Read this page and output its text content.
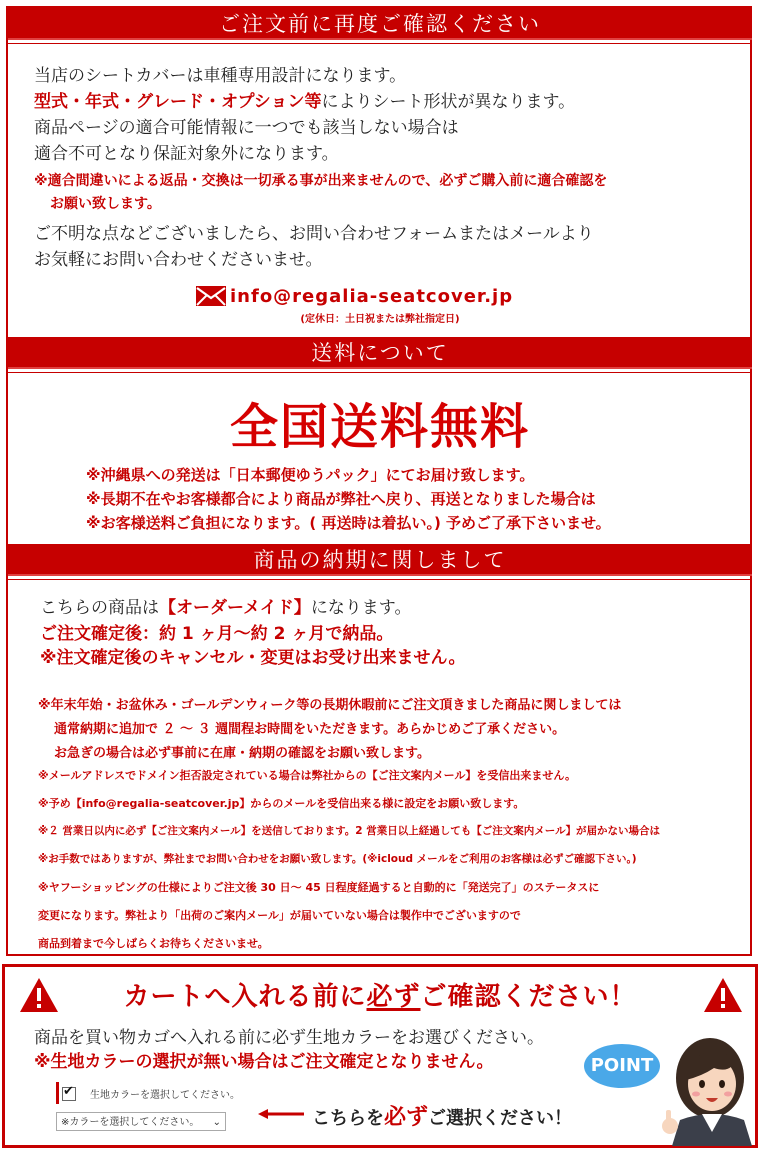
ご注文前に再度ご確認ください
当店のシートカバーは車種専用設計になります。
型式・年式・グレード・オプション等によりシート形状が異なります。
商品ページの適合可能情報に一つでも該当しない場合は
適合不可となり保証対象外になります。
※適合間違いによる返品・交換は一切承る事が出来ませんので、必ずご購入前に適合確認を
お願い致します。
ご不明な点などございましたら、お問い合わせフォームまたはメールより
お気軽にお問い合わせくださいませ。
info@regalia-seatcover.jp
(定休日：土日祝または弊社指定日)
送料について
全国送料無料
※沖縄県への発送は「日本郵便ゆうパック」にてお届け致します。
※長期不在やお客様都合により商品が弊社へ戻り、再送となりました場合は
※お客様送料ご負担になります。( 再送時は着払い。) 予めご了承下さいませ。
商品の納期に関しまして
こちらの商品は【オーダーメイド】になります。
ご注文確定後：約 1 ヶ月〜約 2 ヶ月で納品。
※注文確定後のキャンセル・変更はお受け出来ません。
※年末年始・お盆休み・ゴールデンウィーク等の長期休暇前にご注文頂きました商品に関しましては
通常納期に追加で ２ 〜 ３ 週間程お時間をいただきます。あらかじめご了承ください。
お急ぎの場合は必ず事前に在庫・納期の確認をお願い致します。
※メールアドレスでドメイン拒否設定されている場合は弊社からの【ご注文案内メール】を受信出来ません。
※予め【info@regalia-seatcover.jp】からのメールを受信出来る様に設定をお願い致します。
※２ 営業日以内に必ず【ご注文案内メール】を送信しております。2 営業日以上経過しても【ご注文案内メール】が届かない場合は
※お手数ではありますが、弊社までお問い合わせをお願い致します。(※icloud メールをご利用のお客様は必ずご確認下さい。)
※ヤフーショッピングの仕様によりご注文後 30 日〜 45 日程度経過すると自動的に「発送完了」のステータスに
変更になります。弊社より「出荷のご案内メール」が届いていない場合は製作中でございますので
商品到着まで今しばらくお待ちくださいませ。
カートへ入れる前に必ずご確認ください！
商品を買い物カゴへ入れる前に必ず生地カラーをお選びください。
※生地カラーの選択が無い場合はご注文確定となりません。
✔
生地カラーを選択してください。
※カラーを選択してください。 ⌄	こちらを必ずご選択ください！
POINT
